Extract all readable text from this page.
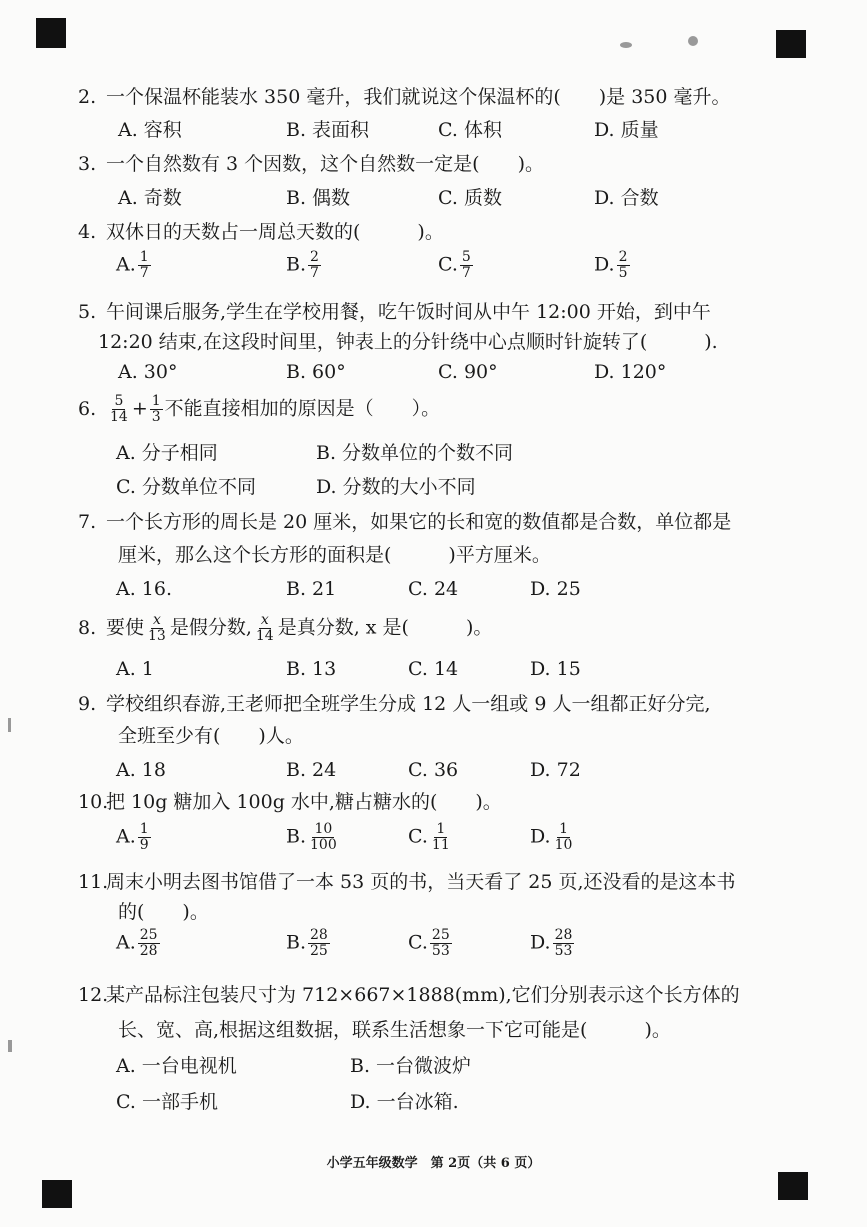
2. 一个保温杯能装水 350 毫升，我们就说这个保温杯的(　　)是 350 毫升。
A. 容积	B. 表面积	C. 体积	D. 质量
3. 一个自然数有 3 个因数，这个自然数一定是(　　)。
A. 奇数	B. 偶数	C. 质数	D. 合数
4. 双休日的天数占一周总天数的(　　　)。
A. $\frac{1}{7}$	B. $\frac{2}{7}$	C. $\frac{5}{7}$	D. $\frac{2}{5}$
5. 午间课后服务,学生在学校用餐，吃午饭时间从中午 12:00 开始，到中午
12:20 结束,在这段时间里，钟表上的分针绕中心点顺时针旋转了(　　　).
A. 30°	B. 60°	C. 90°	D. 120°
6. $\frac{5}{14} + \frac{1}{3}$ 不能直接相加的原因是（　　）。
A. 分子相同	B. 分数单位的个数不同
C. 分数单位不同	D. 分数的大小不同
7. 一个长方形的周长是 20 厘米，如果它的长和宽的数值都是合数，单位都是
厘米，那么这个长方形的面积是(　　　)平方厘米。
A. 16.	B. 21	C. 24	D. 25
8. 要使 $\frac{x}{13}$ 是假分数, $\frac{x}{14}$ 是真分数, x 是(　　　)。
A. 1	B. 13	C. 14	D. 15
9. 学校组织春游,王老师把全班学生分成 12 人一组或 9 人一组都正好分完,
全班至少有(　　)人。
A. 18	B. 24	C. 36	D. 72
10.把 10g 糖加入 100g 水中,糖占糖水的(　　)。
A. $\frac{1}{9}$	B. $\frac{10}{100}$	C. $\frac{1}{11}$	D. $\frac{1}{10}$
11.周末小明去图书馆借了一本 53 页的书，当天看了 25 页,还没看的是这本书
的(　　)。
A. $\frac{25}{28}$	B. $\frac{28}{25}$	C. $\frac{25}{53}$	D. $\frac{28}{53}$
12.某产品标注包装尺寸为 712×667×1888(mm),它们分别表示这个长方体的
长、宽、高,根据这组数据，联系生活想象一下它可能是(　　　)。
A. 一台电视机	B. 一台微波炉
C. 一部手机	D. 一台冰箱.
小学五年级数学　第 2页（共 6 页）
